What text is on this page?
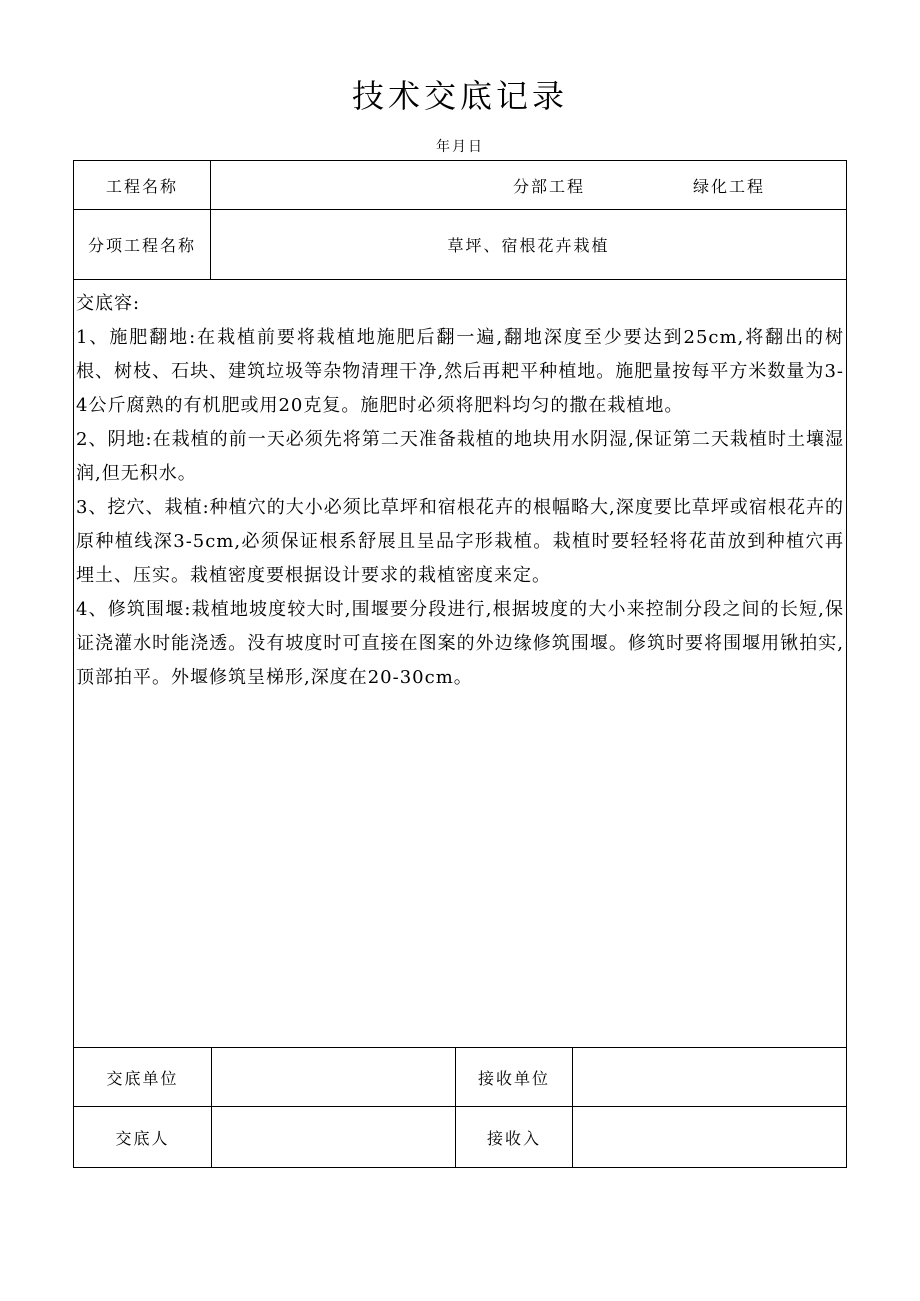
技术交底记录
年月日
工程名称	分部工程	绿化工程
分项工程名称	草坪、宿根花卉栽植

交底容:

1、施肥翻地:在栽植前要将栽植地施肥后翻一遍,翻地深度至少要达到25cm,将翻出的树根、树枝、石块、建筑垃圾等杂物清理干净,然后再耙平种植地。施肥量按每平方米数量为3-4公斤腐熟的有机肥或用20克复。施肥时必须将肥料均匀的撒在栽植地。

2、阴地:在栽植的前一天必须先将第二天准备栽植的地块用水阴湿,保证第二天栽植时土壤湿润,但无积水。

3、挖穴、栽植:种植穴的大小必须比草坪和宿根花卉的根幅略大,深度要比草坪或宿根花卉的原种植线深3-5cm,必须保证根系舒展且呈品字形栽植。栽植时要轻轻将花苗放到种植穴再埋土、压实。栽植密度要根据设计要求的栽植密度来定。

4、修筑围堰:栽植地坡度较大时,围堰要分段进行,根据坡度的大小来控制分段之间的长短,保证浇灌水时能浇透。没有坡度时可直接在图案的外边缘修筑围堰。修筑时要将围堰用锹拍实,顶部拍平。外堰修筑呈梯形,深度在20-30cm。

交底单位	接收单位
交底人	接收入
